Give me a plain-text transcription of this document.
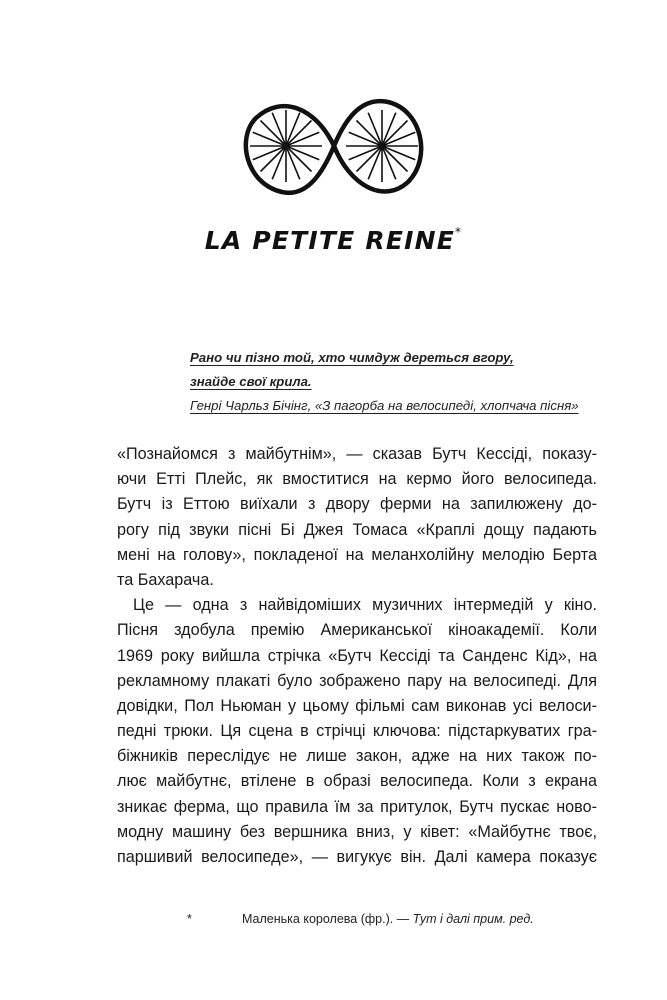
LA PETITE REINE*
Рано чи пізно той, хто чимдуж дереться вгору,
знайде свої крила.
Генрі Чарльз Бічінг, «З пагорба на велосипеді, хлопчача пісня»
«Познайомся з майбутнім», — сказав Бутч Кессіді, показу-
ючи Етті Плейс, як вмоститися на кермо його велосипеда.
Бутч із Еттою виїхали з двору ферми на запилюжену до-
рогу під звуки пісні Бі Джея Томаса «Краплі дощу падають
мені на голову», покладеної на меланхолійну мелодію Берта
та Бахарача.
Це — одна з найвідоміших музичних інтермедій у кіно.
Пісня здобула премію Американської кіноакадемії. Коли
1969 року вийшла стрічка «Бутч Кессіді та Санденс Кід», на
рекламному плакаті було зображено пару на велосипеді. Для
довідки, Пол Ньюман у цьому фільмі сам виконав усі велоси-
педні трюки. Ця сцена в стрічці ключова: підстаркуватих гра-
біжників переслідує не лише закон, адже на них також по-
лює майбутнє, втілене в образі велосипеда. Коли з екрана
зникає ферма, що правила їм за притулок, Бутч пускає ново-
модну машину без вершника вниз, у ківет: «Майбутнє твоє,
паршивий велосипеде», — вигукує він. Далі камера показує
*	Маленька королева (фр.). — Тут і далі прим. ред.
